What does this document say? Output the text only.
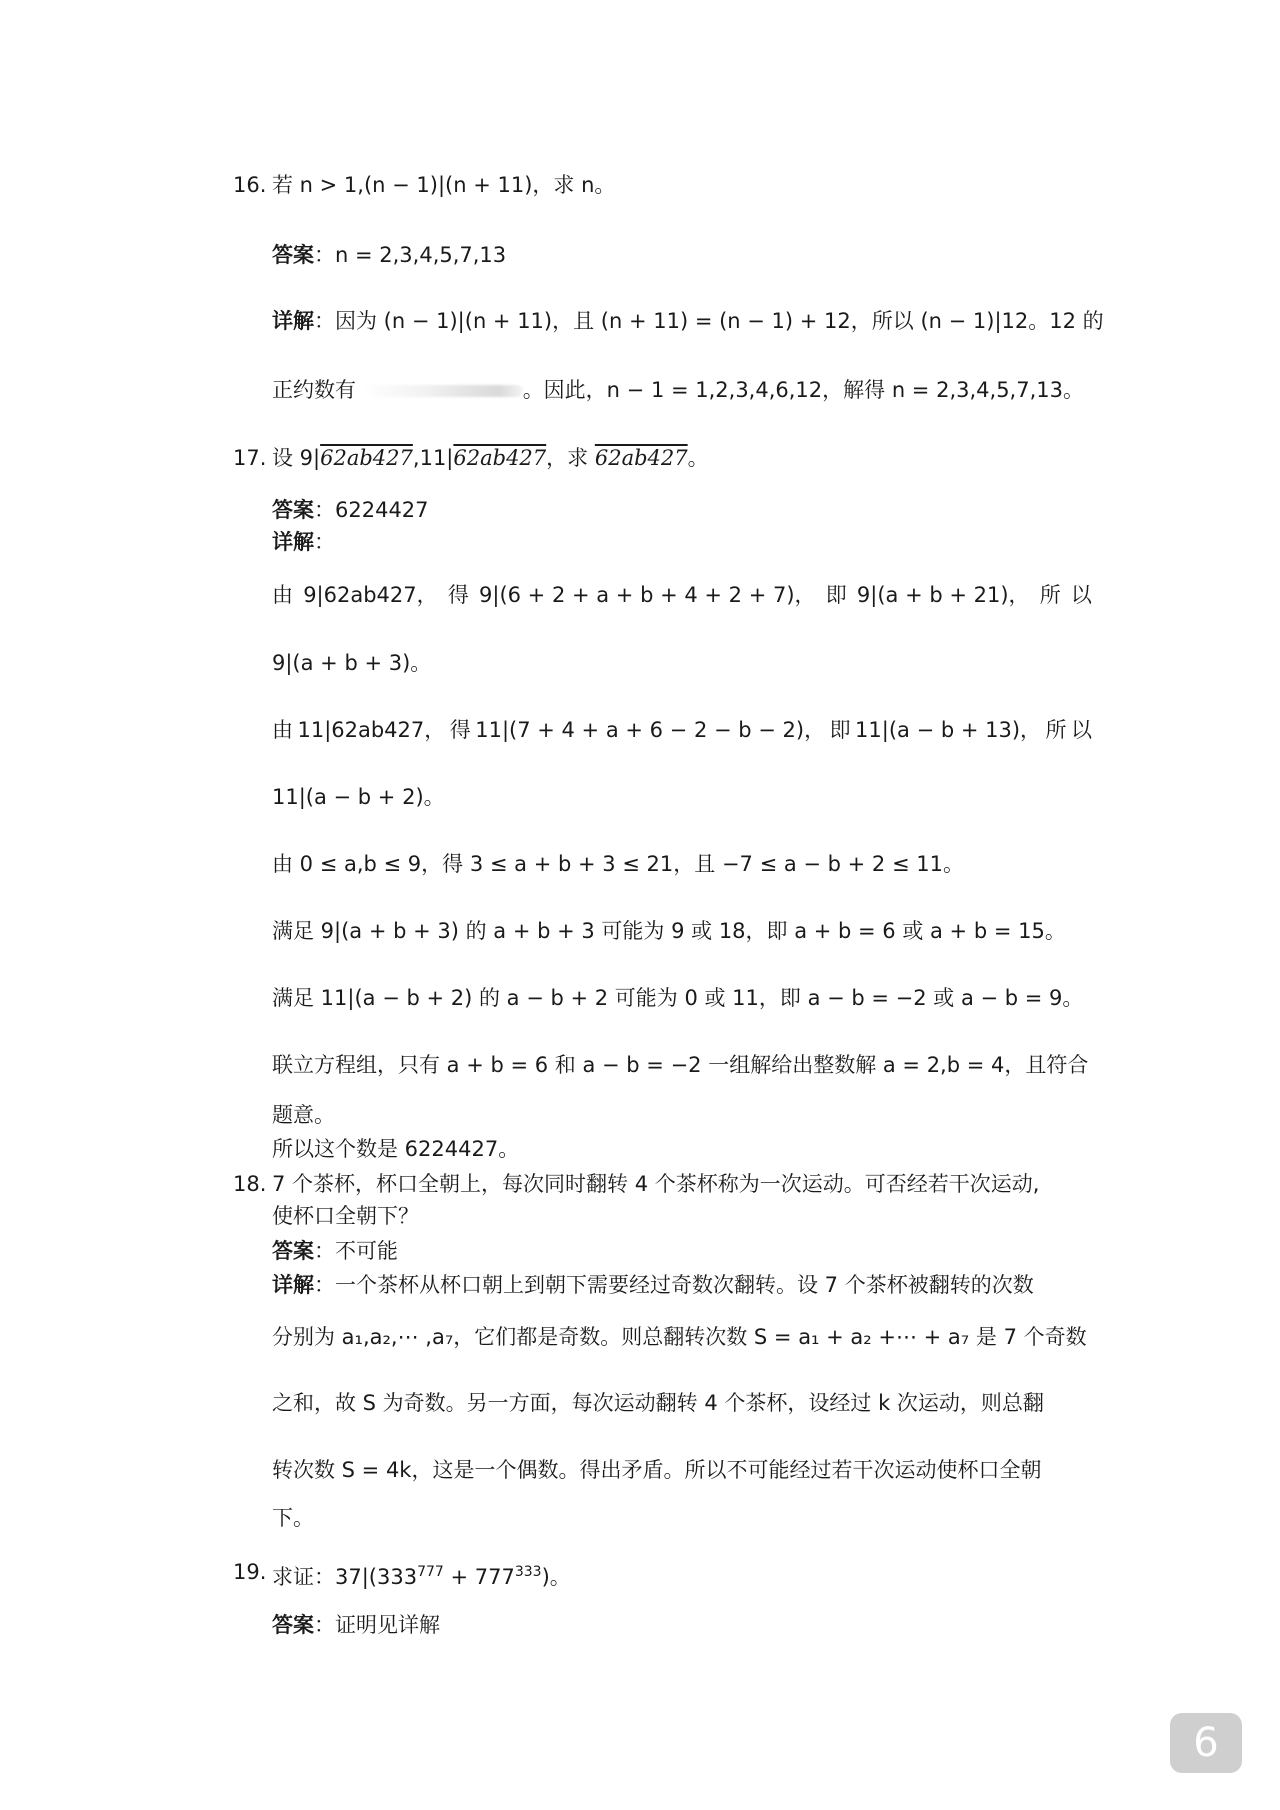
16. 若 n > 1,(n − 1)|(n + 11)，求 n。
答案：n = 2,3,4,5,7,13
详解：因为 (n − 1)|(n + 11)，且 (n + 11) = (n − 1) + 12，所以 (n − 1)|12。12 的
正约数有	。因此，n − 1 = 1,2,3,4,6,12，解得 n = 2,3,4,5,7,13。
17. 设 9|62ab427,11|62ab427，求 62ab427。
答案：6224427
详解：
由 9|62ab427， 得 9|(6 + 2 + a + b + 4 + 2 + 7)， 即 9|(a + b + 21)， 所 以
9|(a + b + 3)。
由 11|62ab427， 得 11|(7 + 4 + a + 6 − 2 − b − 2)， 即 11|(a − b + 13)， 所 以
11|(a − b + 2)。
由 0 ≤ a,b ≤ 9，得 3 ≤ a + b + 3 ≤ 21，且 −7 ≤ a − b + 2 ≤ 11。
满足 9|(a + b + 3) 的 a + b + 3 可能为 9 或 18，即 a + b = 6 或 a + b = 15。
满足 11|(a − b + 2) 的 a − b + 2 可能为 0 或 11，即 a − b = −2 或 a − b = 9。
联立方程组，只有 a + b = 6 和 a − b = −2 一组解给出整数解 a = 2,b = 4，且符合
题意。
所以这个数是 6224427。
18. 7 个茶杯，杯口全朝上，每次同时翻转 4 个茶杯称为一次运动。可否经若干次运动,
使杯口全朝下？
答案：不可能
详解：一个茶杯从杯口朝上到朝下需要经过奇数次翻转。设 7 个茶杯被翻转的次数
分别为 a₁,a₂,⋯ ,a₇，它们都是奇数。则总翻转次数 S = a₁ + a₂ +⋯ + a₇ 是 7 个奇数
之和，故 S 为奇数。另一方面，每次运动翻转 4 个茶杯，设经过 k 次运动，则总翻
转次数 S = 4k，这是一个偶数。得出矛盾。所以不可能经过若干次运动使杯口全朝
下。
19. 求证：$37|(333^{777} + 777^{333})$。
答案：证明见详解
6
